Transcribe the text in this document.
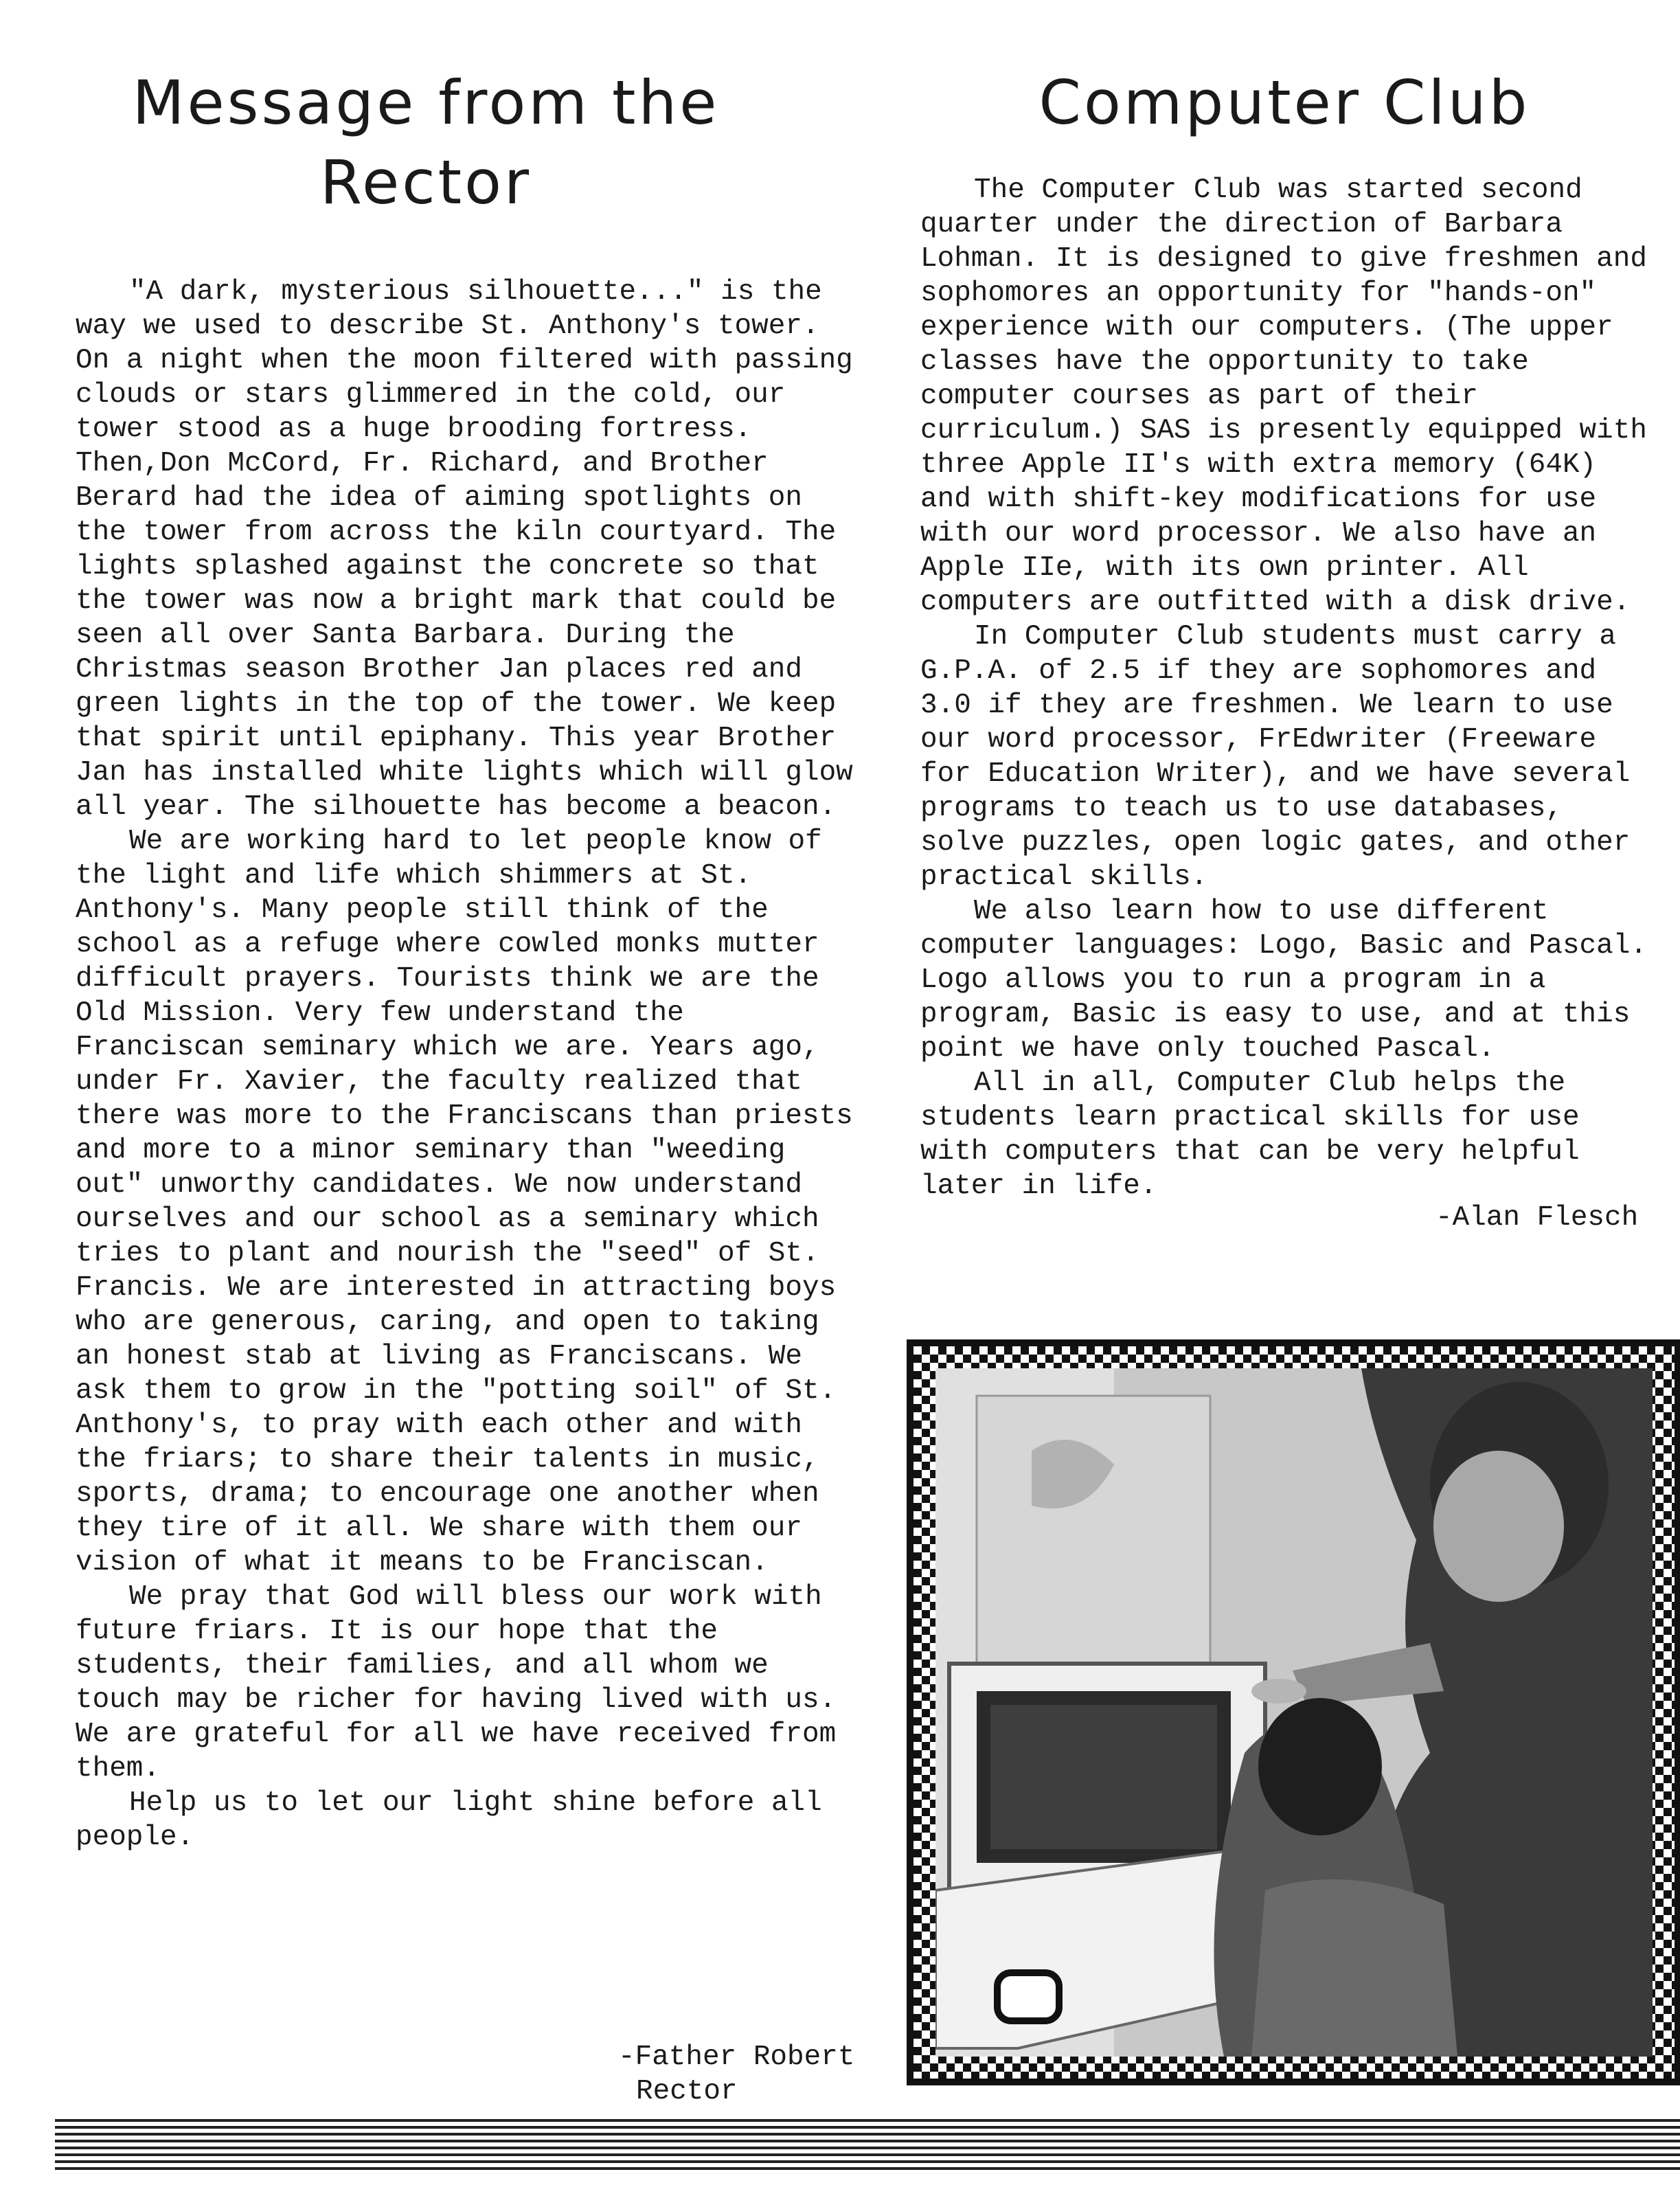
Message from the
Rector

"A dark, mysterious silhouette..." is the way we used to describe St. Anthony's tower. On a night when the moon filtered with passing clouds or stars glimmered in the cold, our tower stood as a huge brooding fortress. Then,Don McCord, Fr. Richard, and Brother Berard had the idea of aiming spotlights on the tower from across the kiln courtyard. The lights splashed against the concrete so that the tower was now a bright mark that could be seen all over Santa Barbara. During the Christmas season Brother Jan places red and green lights in the top of the tower. We keep that spirit until epiphany. This year Brother Jan has installed white lights which will glow all year. The silhouette has become a beacon.

We are working hard to let people know of the light and life which shimmers at St. Anthony's. Many people still think of the school as a refuge where cowled monks mutter difficult prayers. Tourists think we are the Old Mission. Very few understand the Franciscan seminary which we are. Years ago, under Fr. Xavier, the faculty realized that there was more to the Franciscans than priests and more to a minor seminary than "weeding out" unworthy candidates. We now understand ourselves and our school as a seminary which tries to plant and nourish the "seed" of St. Francis. We are interested in attracting boys who are generous, caring, and open to taking an honest stab at living as Franciscans. We ask them to grow in the "potting soil" of St. Anthony's, to pray with each other and with the friars; to share their talents in music, sports, drama; to encourage one another when they tire of it all. We share with them our vision of what it means to be Franciscan.

We pray that God will bless our work with future friars. It is our hope that the students, their families, and all whom we touch may be richer for having lived with us. We are grateful for all we have received from them.

Help us to let our light shine before all people.

-Father Robert
Rector
Computer Club

The Computer Club was started second quarter under the direction of Barbara Lohman. It is designed to give freshmen and sophomores an opportunity for "hands-on" experience with our computers. (The upper classes have the opportunity to take computer courses as part of their curriculum.) SAS is presently equipped with three Apple II's with extra memory (64K) and with shift-key modifications for use with our word processor. We also have an Apple IIe, with its own printer. All computers are outfitted with a disk drive.

In Computer Club students must carry a G.P.A. of 2.5 if they are sophomores and 3.0 if they are freshmen. We learn to use our word processor, FrEdwriter (Freeware for Education Writer), and we have several programs to teach us to use databases, solve puzzles, open logic gates, and other practical skills.

We also learn how to use different computer languages: Logo, Basic and Pascal. Logo allows you to run a program in a program, Basic is easy to use, and at this point we have only touched Pascal.

All in all, Computer Club helps the students learn practical skills for use with computers that can be very helpful later in life.

-Alan Flesch
